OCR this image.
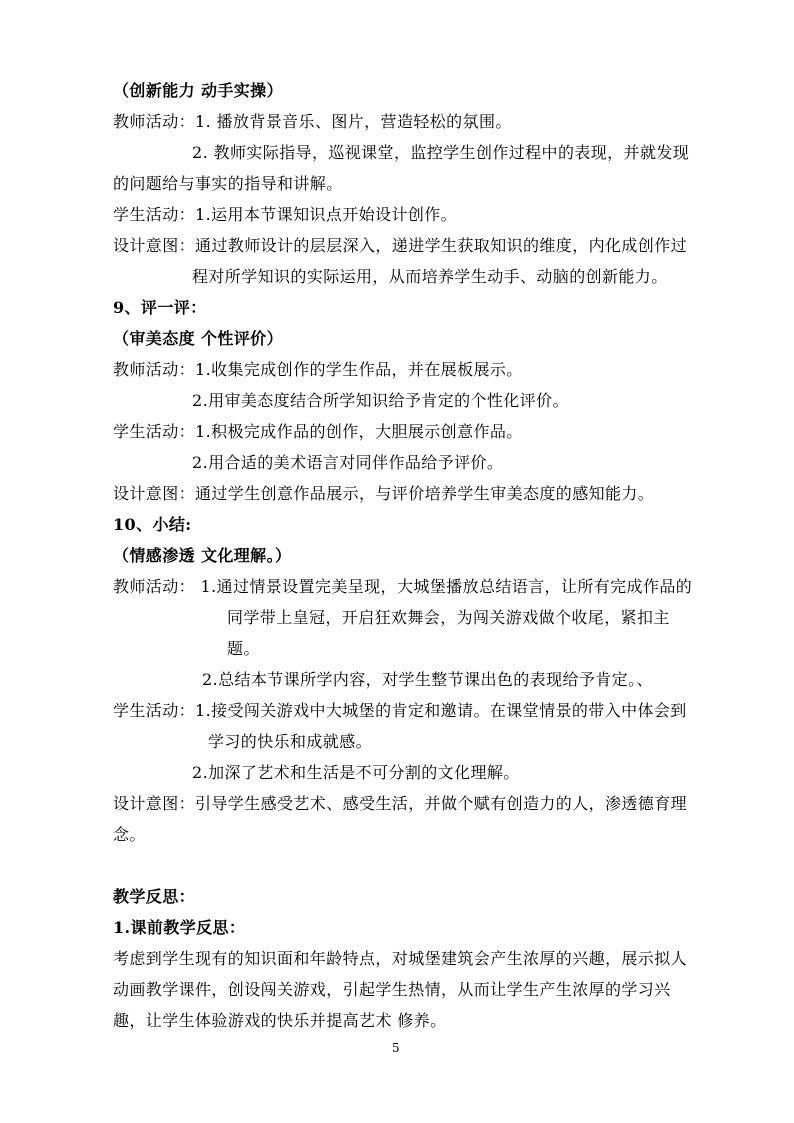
（创新能力 动手实操）
教师活动：1. 播放背景音乐、图片，营造轻松的氛围。
2. 教师实际指导，巡视课堂，监控学生创作过程中的表现，并就发现
的问题给与事实的指导和讲解。
学生活动：1.运用本节课知识点开始设计创作。
设计意图：通过教师设计的层层深入，递进学生获取知识的维度，内化成创作过
程对所学知识的实际运用，从而培养学生动手、动脑的创新能力。
9、评一评：
（审美态度 个性评价）
教师活动：1.收集完成创作的学生作品，并在展板展示。
2.用审美态度结合所学知识给予肯定的个性化评价。
学生活动：1.积极完成作品的创作，大胆展示创意作品。
2.用合适的美术语言对同伴作品给予评价。
设计意图：通过学生创意作品展示，与评价培养学生审美态度的感知能力。
10、小结:
（情感渗透 文化理解。）
教师活动： 1.通过情景设置完美呈现，大城堡播放总结语言，让所有完成作品的
同学带上皇冠，开启狂欢舞会，为闯关游戏做个收尾，紧扣主
题。
2.总结本节课所学内容，对学生整节课出色的表现给予肯定。、
学生活动：1.接受闯关游戏中大城堡的肯定和邀请。在课堂情景的带入中体会到
学习的快乐和成就感。
2.加深了艺术和生活是不可分割的文化理解。
设计意图：引导学生感受艺术、感受生活，并做个赋有创造力的人，渗透德育理
念。
教学反思：
1.课前教学反思：
考虑到学生现有的知识面和年龄特点，对城堡建筑会产生浓厚的兴趣，展示拟人
动画教学课件，创设闯关游戏，引起学生热情，从而让学生产生浓厚的学习兴
趣，让学生体验游戏的快乐并提高艺术 修养。
5
